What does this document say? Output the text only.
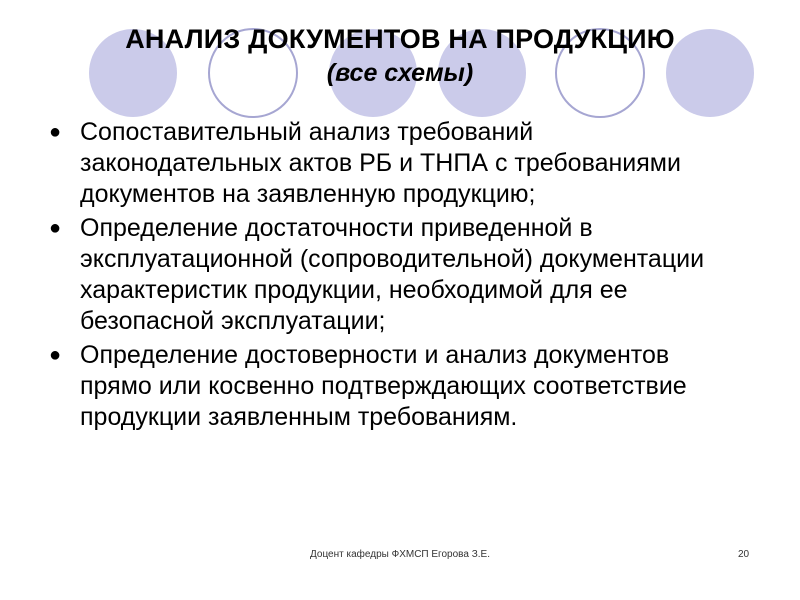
АНАЛИЗ ДОКУМЕНТОВ НА ПРОДУКЦИЮ

(все схемы)

● Сопоставительный анализ требований законодательных актов РБ и ТНПА с требованиями документов на заявленную продукцию;
● Определение достаточности приведенной в эксплуатационной (сопроводительной) документации характеристик продукции, необходимой для ее безопасной эксплуатации;
● Определение достоверности и анализ документов прямо или косвенно подтверждающих соответствие продукции заявленным требованиям.
Доцент кафедры ФХМСП Егорова З.Е.	20
